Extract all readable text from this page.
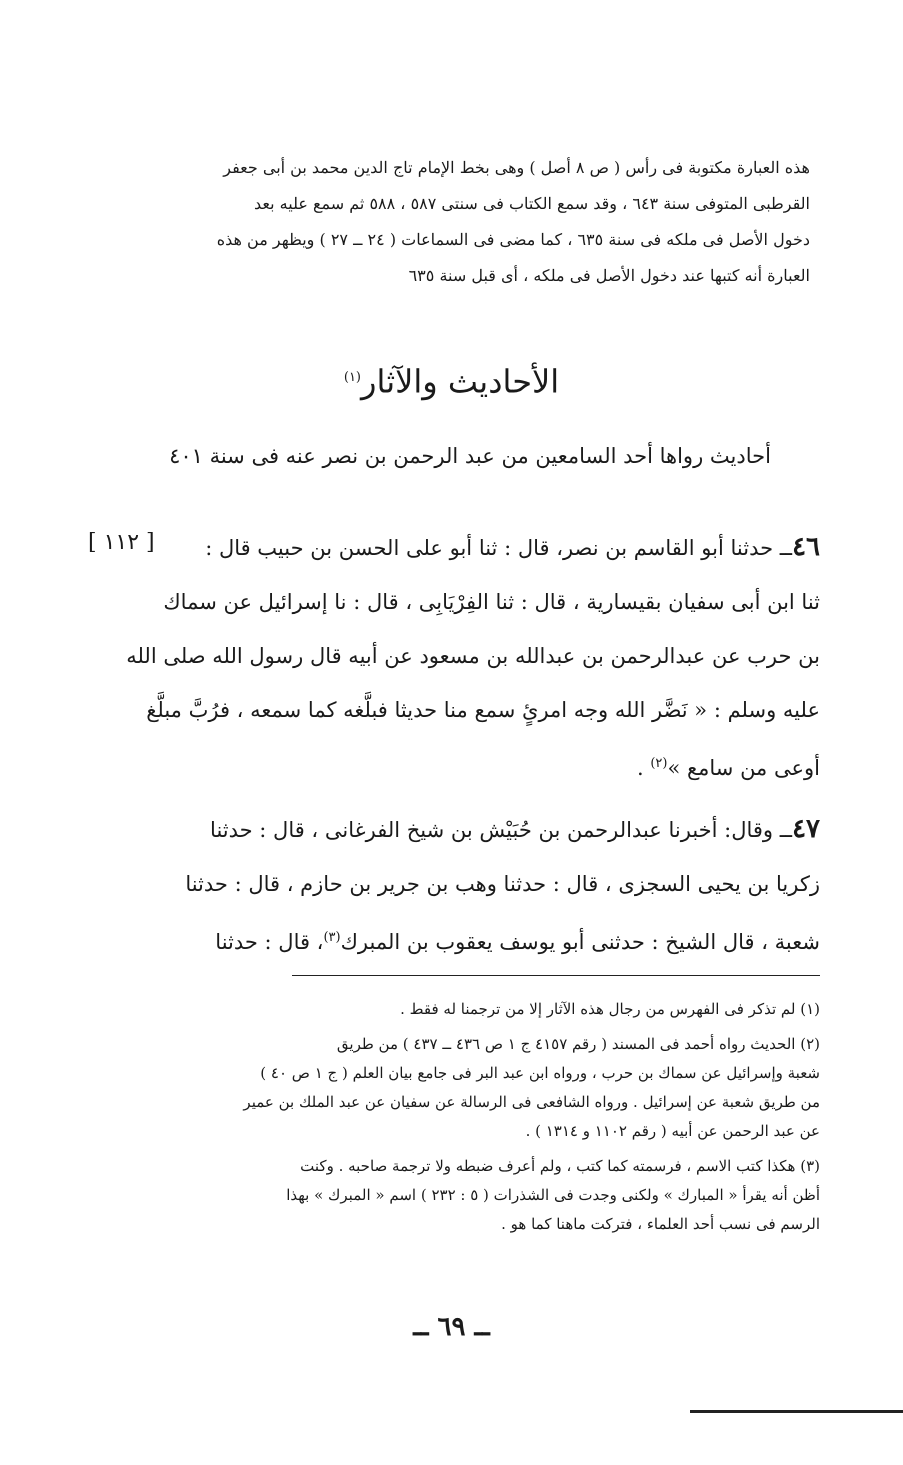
هذه العبارة مكتوبة فى رأس ( ص ٨ أصل ) وهى بخط الإمام تاج الدين محمد بن أبى جعفر
القرطبى المتوفى سنة ٦٤٣ ، وقد سمع الكتاب فى سنتى ٥٨٧ ، ٥٨٨ ثم سمع عليه بعد
دخول الأصل فى ملكه فى سنة ٦٣٥ ، كما مضى فى السماعات ( ٢٤ ــ ٢٧ ) ويظهر من هذه
العبارة أنه كتبها عند دخول الأصل فى ملكه ، أى قبل سنة ٦٣٥
الأحاديث والآثار$^{(١)}$
أحاديث رواها أحد السامعين من عبد الرحمن بن نصر عنه فى سنة ٤٠١
[ ١١٢ ]	٤٦ــ حدثنا أبو القاسم بن نصر، قال : ثنا أبو على الحسن بن حبيب قال :
ثنا ابن أبى سفيان بقيسارية ، قال : ثنا الفِرْيَابِى ، قال : نا إسرائيل عن سماك
بن حرب عن عبدالرحمن بن عبدالله بن مسعود عن أبيه قال رسول الله صلى الله
عليه وسلم : « نَضَّر الله وجه امرئٍ سمع منا حديثا فبلَّغه كما سمعه ، فرُبَّ مبلَّغ
أوعى من سامع »$^{(٢)}$ .
٤٧ــ وقال: أخبرنا عبدالرحمن بن حُبَيْش بن شيخ الفرغانى ، قال : حدثنا
زكريا بن يحيى السجزى ، قال : حدثنا وهب بن جرير بن حازم ، قال : حدثنا
شعبة ، قال الشيخ : حدثنى أبو يوسف يعقوب بن المبرك$^{(٣)}$، قال : حدثنا
(١) لم تذكر فى الفهرس من رجال هذه الآثار إلا من ترجمنا له فقط .
(٢) الحديث رواه أحمد فى المسند ( رقم ٤١٥٧ ج ١ ص ٤٣٦ ــ ٤٣٧ ) من طريق
شعبة وإسرائيل عن سماك بن حرب ، ورواه ابن عبد البر فى جامع بيان العلم ( ج ١ ص ٤٠ )
من طريق شعبة عن إسرائيل . ورواه الشافعى فى الرسالة عن سفيان عن عبد الملك بن عمير
عن عبد الرحمن عن أبيه ( رقم ١١٠٢ و ١٣١٤ ) .
(٣) هكذا كتب الاسم ، فرسمته كما كتب ، ولم أعرف ضبطه ولا ترجمة صاحبه . وكنت
أظن أنه يقرأ « المبارك » ولكنى وجدت فى الشذرات ( ٥ : ٢٣٢ ) اسم « المبرك » بهذا
الرسم فى نسب أحد العلماء ، فتركت ماهنا كما هو .
ــ ٦٩ ــ
